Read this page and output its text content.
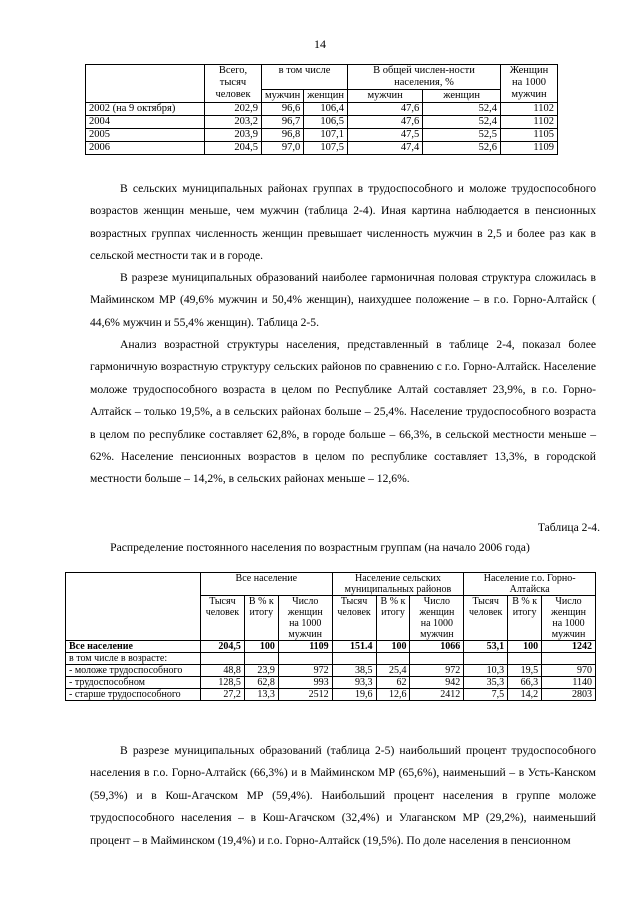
14
	Всего, тысяч человек	в том числе		В общей числен-ности населения, %		Женщин на 1000 мужчин
		мужчин	женщин	мужчин	женщин	
2002 (на 9 октября)	202,9	96,6	106,4	47,6	52,4	1102
2004	203,2	96,7	106,5	47,6	52,4	1102
2005	203,9	96,8	107,1	47,5	52,5	1105
2006	204,5	97,0	107,5	47,4	52,6	1109

В сельских муниципальных районах группах в трудоспособного и моложе трудоспособного возрастов женщин меньше, чем мужчин (таблица 2-4). Иная картина наблюдается в пенсионных возрастных группах численность женщин превышает численность мужчин в 2,5 и более раз как в сельской местности так и в городе.

В разрезе муниципальных образований наиболее гармоничная половая структура сложилась в Майминском МР (49,6% мужчин и 50,4% женщин), наихудшее положение – в г.о. Горно-Алтайск ( 44,6% мужчин и 55,4% женщин). Таблица 2-5.

Анализ возрастной структуры населения, представленный в таблице 2-4, показал более гармоничную возрастную структуру сельских районов по сравнению с г.о. Горно-Алтайск. Население моложе трудоспособного возраста в целом по Республике Алтай составляет 23,9%, в г.о. Горно-Алтайск – только 19,5%, а в сельских районах больше – 25,4%. Население трудоспособного возраста в целом по республике составляет 62,8%, в городе больше – 66,3%, в сельской местности меньше – 62%. Население пенсионных возрастов в целом по республике составляет 13,3%, в городской местности больше – 14,2%, в сельских районах меньше – 12,6%.

Таблица 2-4.
Распределение постоянного населения по возрастным группам (на начало 2006 года)
	Все население			Население сельских муниципальных районов			Население г.о. Горно-Алтайска		
	Тысяч человек	В % к итогу	Число женщин на 1000 мужчин	Тысяч человек	В % к итогу	Число женщин на 1000 мужчин	Тысяч человек	В % к итогу	Число женщин на 1000 мужчин
Все население	204,5	100	1109	151.4	100	1066	53,1	100	1242
в том числе в возрасте:									
- моложе трудоспособного	48,8	23,9	972	38,5	25,4	972	10,3	19,5	970
- трудоспособном	128,5	62,8	993	93,3	62	942	35,3	66,3	1140
- старше трудоспособного	27,2	13,3	2512	19,6	12,6	2412	7,5	14,2	2803

В разрезе муниципальных образований (таблица 2-5) наибольший процент трудоспособного населения в г.о. Горно-Алтайск (66,3%) и в Майминском МР (65,6%), наименьший – в Усть-Канском (59,3%) и в Кош-Агачском МР (59,4%). Наибольший процент населения в группе моложе трудоспособного населения – в Кош-Агачском (32,4%) и Улаганском МР (29,2%), наименьший процент – в Майминском (19,4%) и г.о. Горно-Алтайск (19,5%). По доле населения в пенсионном
